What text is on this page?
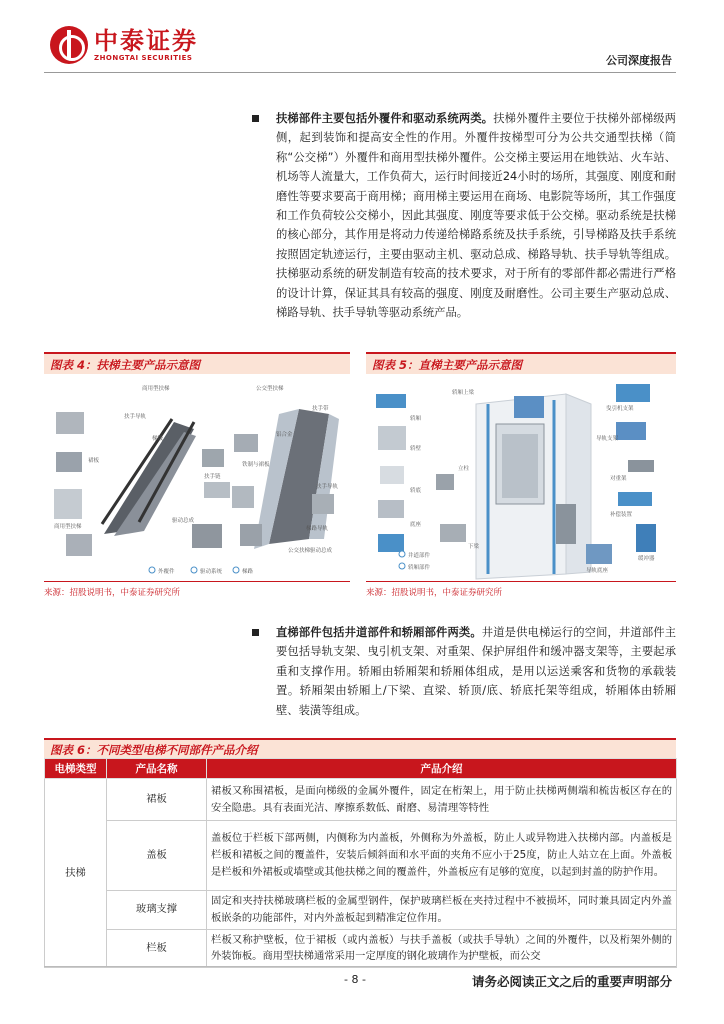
中泰证券
ZHONGTAI SECURITIES	公司深度报告
扶梯部件主要包括外覆件和驱动系统两类。扶梯外覆件主要位于扶梯外部梯级两侧，起到装饰和提高安全性的作用。外覆件按梯型可分为公共交通型扶梯（简称“公交梯”）外覆件和商用型扶梯外覆件。公交梯主要运用在地铁站、火车站、机场等人流量大，工作负荷大，运行时间接近24小时的场所，其强度、刚度和耐磨性等要求要高于商用梯；商用梯主要运用在商场、电影院等场所，其工作强度和工作负荷较公交梯小，因此其强度、刚度等要求低于公交梯。驱动系统是扶梯的核心部分，其作用是将动力传递给梯路系统及扶手系统，引导梯路及扶手系统按照固定轨迹运行，主要由驱动主机、驱动总成、梯路导轨、扶手导轨等组成。扶梯驱动系统的研发制造有较高的技术要求，对于所有的零部件都必需进行严格的设计计算，保证其具有较高的强度、刚度及耐磨性。公司主要生产驱动总成、梯路导轨、扶手导轨等驱动系统产品。
图表 4：扶梯主要产品示意图
商用型扶梯
扶手导轨
裙板
梯级
扶手链
驱动总成
公交型扶梯
扶手带
铝合金
铁制与裙板
扶手导轨
商用型扶梯
公交扶梯驱动总成
梯路导轨
外覆件	驱动系统	梯路
来源：招股说明书，中泰证券研究所
图表 5：直梯主要产品示意图
轿厢上梁
轿厢
轿壁
轿底
底座
立柱
下梁
导轨支架
对重架
曳引机支架
补偿装置
井道部件
轿厢部件
缓冲器
导轨底座
来源：招股说明书，中泰证券研究所
直梯部件包括井道部件和轿厢部件两类。井道是供电梯运行的空间，井道部件主要包括导轨支架、曳引机支架、对重架、保护屏组件和缓冲器支架等，主要起承重和支撑作用。轿厢由轿厢架和轿厢体组成，是用以运送乘客和货物的承载装置。轿厢架由轿厢上/下梁、直梁、轿顶/底、轿底托架等组成，轿厢体由轿厢壁、装潢等组成。
图表 6：不同类型电梯不同部件产品介绍
电梯类型	产品名称	产品介绍
扶梯	裙板	裙板又称围裙板，是面向梯级的金属外覆件，固定在桁架上，用于防止扶梯两侧端和梳齿板区存在的安全隐患。具有表面光洁、摩擦系数低、耐磨、易清理等特性
	盖板	盖板位于栏板下部两侧，内侧称为内盖板，外侧称为外盖板，防止人或异物进入扶梯内部。内盖板是栏板和裙板之间的覆盖件，安装后倾斜面和水平面的夹角不应小于25度，防止人站立在上面。外盖板是栏板和外裙板或墙壁或其他扶梯之间的覆盖件，外盖板应有足够的宽度，以起到封盖的防护作用。
	玻璃支撑	固定和夹持扶梯玻璃栏板的金属型钢件，保护玻璃栏板在夹持过程中不被损坏，同时兼具固定内外盖板嵌条的功能部件，对内外盖板起到精准定位作用。
	栏板	栏板又称护壁板，位于裙板（或内盖板）与扶手盖板（或扶手导轨）之间的外覆件，以及桁架外侧的外装饰板。商用型扶梯通常采用一定厚度的钢化玻璃作为护壁板，而公交
- 8 -	请务必阅读正文之后的重要声明部分
